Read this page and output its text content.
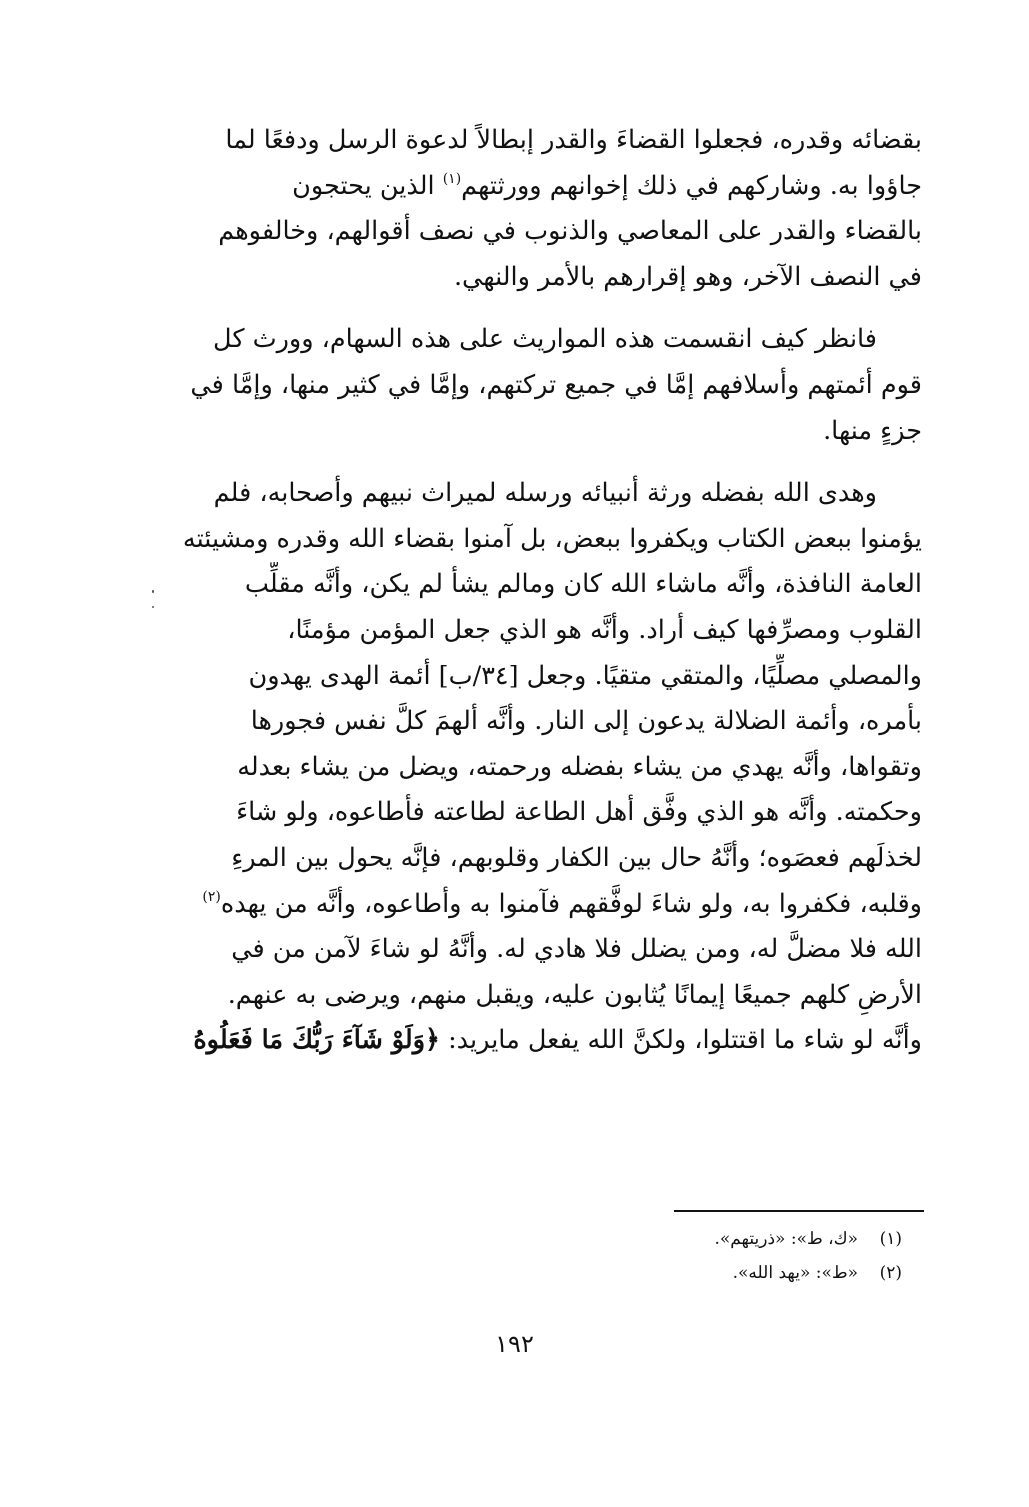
بقضائه وقدره، فجعلوا القضاءَ والقدر إبطالاً لدعوة الرسل ودفعًا لما
جاؤوا به. وشاركهم في ذلك إخوانهم وورثتهم$^{(١)}$ الذين يحتجون
بالقضاء والقدر على المعاصي والذنوب في نصف أقوالهم، وخالفوهم
في النصف الآخر، وهو إقرارهم بالأمر والنهي.

فانظر كيف انقسمت هذه المواريث على هذه السهام، وورث كل
قوم أئمتهم وأسلافهم إمَّا في جميع تركتهم، وإمَّا في كثير منها، وإمَّا في
جزءٍ منها.

وهدى الله بفضله ورثة أنبيائه ورسله لميراث نبيهم وأصحابه، فلم
يؤمنوا ببعض الكتاب ويكفروا ببعض، بل آمنوا بقضاء الله وقدره ومشيئته
العامة النافذة، وأنَّه ماشاء الله كان ومالم يشأ لم يكن، وأنَّه مقلِّب
القلوب ومصرِّفها كيف أراد. وأنَّه هو الذي جعل المؤمن مؤمنًا،
والمصلي مصلِّيًا، والمتقي متقيًا. وجعل [٣٤/ب] أئمة الهدى يهدون
بأمره، وأئمة الضلالة يدعون إلى النار. وأنَّه ألهمَ كلَّ نفس فجورها
وتقواها، وأنَّه يهدي من يشاء بفضله ورحمته، ويضل من يشاء بعدله
وحكمته. وأنَّه هو الذي وفَّق أهل الطاعة لطاعته فأطاعوه، ولو شاءَ
لخذلَهم فعصَوه؛ وأنَّهُ حال بين الكفار وقلوبهم، فإنَّه يحول بين المرءِ
وقلبه، فكفروا به، ولو شاءَ لوفَّقهم فآمنوا به وأطاعوه، وأنَّه من يهده$^{(٢)}$
الله فلا مضلَّ له، ومن يضلل فلا هادي له. وأنَّهُ لو شاءَ لآمن من في
الأرضِ كلهم جميعًا إيمانًا يُثابون عليه، ويقبل منهم، ويرضى به عنهم.
وأنَّه لو شاء ما اقتتلوا، ولكنَّ الله يفعل مايريد: ﴿وَلَوْ شَآءَ رَبُّكَ مَا فَعَلُوهُ

(١)«ك، ط»: «ذريتهم».
(٢)«ط»: «يهد الله».
١٩٢
